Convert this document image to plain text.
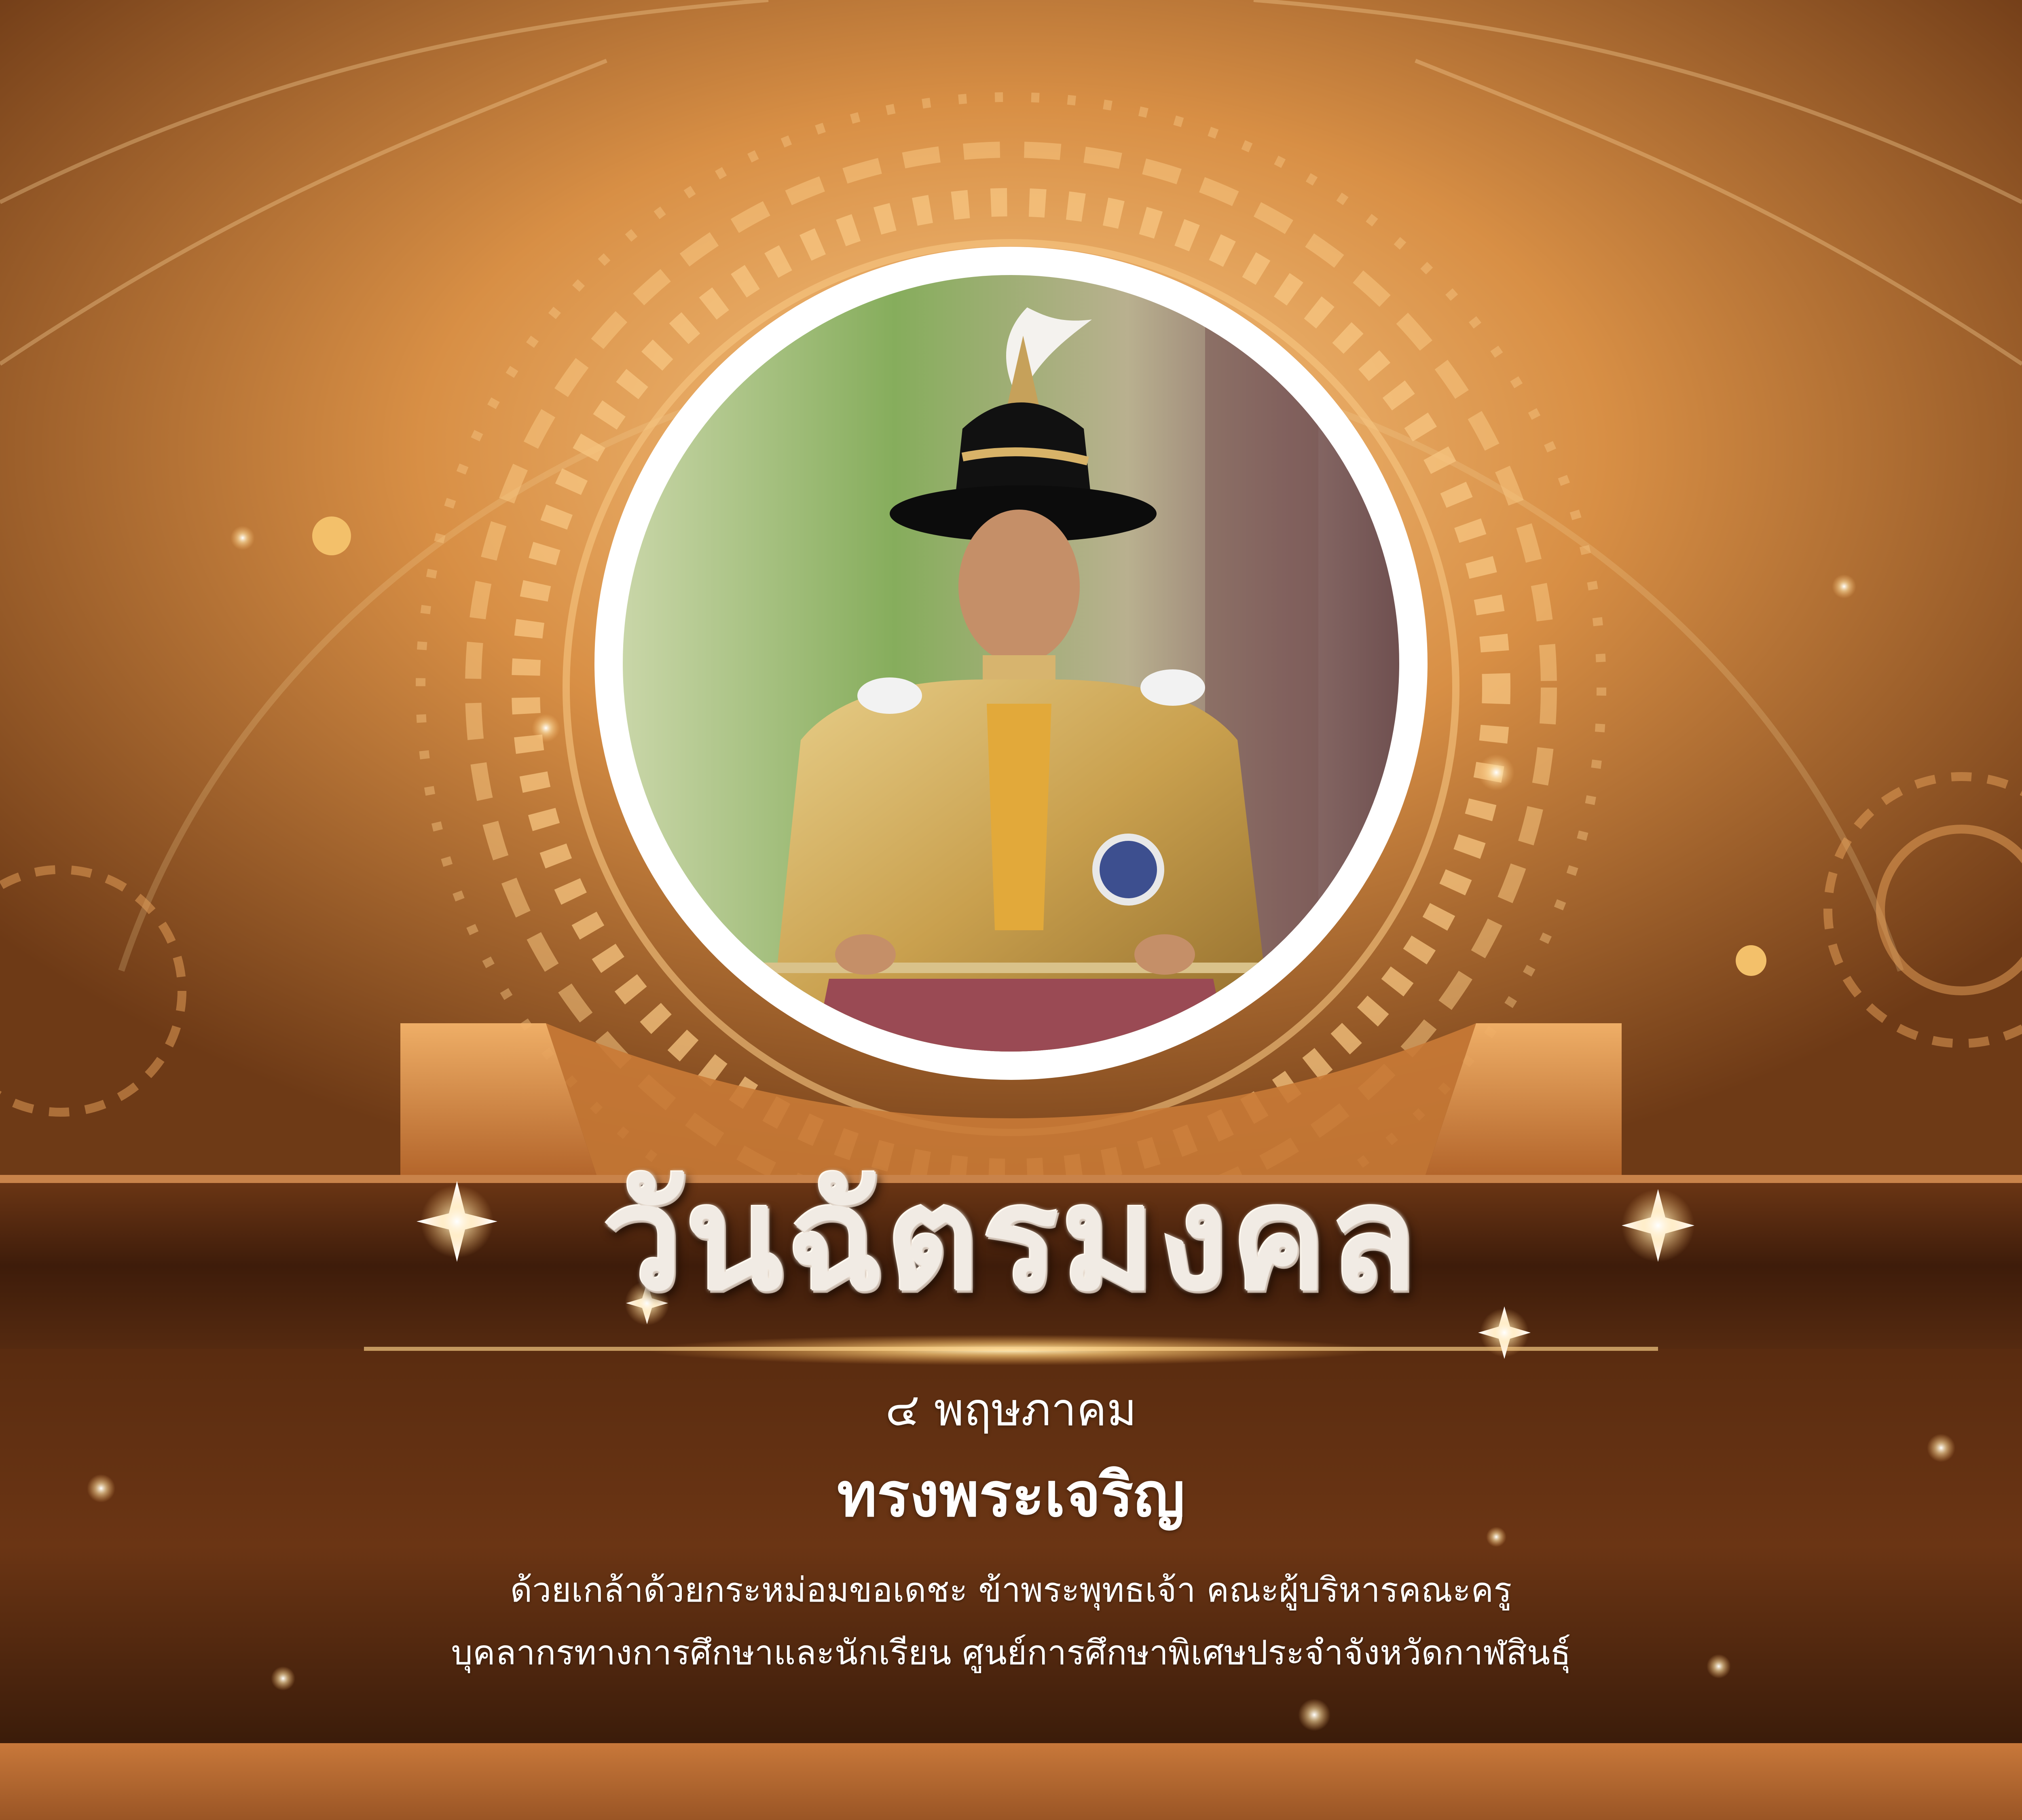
วันฉัตรมงคล
๔ พฤษภาคม
ทรงพระเจริญ
ด้วยเกล้าด้วยกระหม่อมขอเดชะ ข้าพระพุทธเจ้า คณะผู้บริหารคณะครู
บุคลากรทางการศึกษาและนักเรียน ศูนย์การศึกษาพิเศษประจำจังหวัดกาฬสินธุ์
